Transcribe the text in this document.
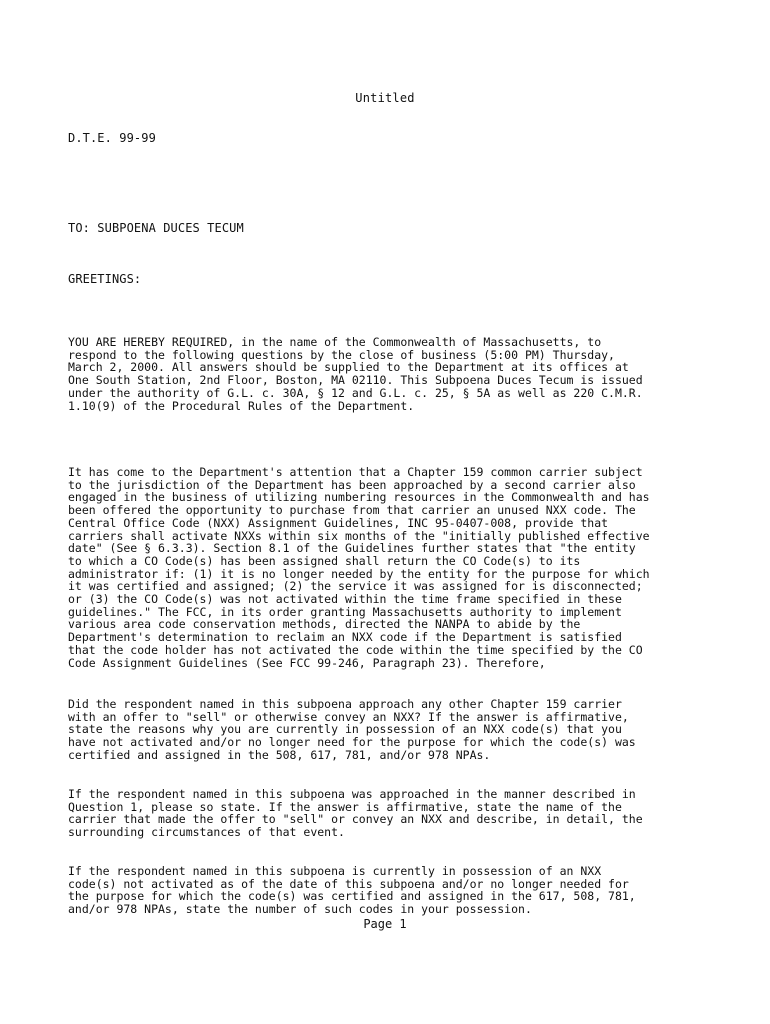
Untitled
D.T.E. 99-99
TO: SUBPOENA DUCES TECUM
GREETINGS:
YOU ARE HEREBY REQUIRED, in the name of the Commonwealth of Massachusetts, to
respond to the following questions by the close of business (5:00 PM) Thursday,
March 2, 2000. All answers should be supplied to the Department at its offices at
One South Station, 2nd Floor, Boston, MA 02110. This Subpoena Duces Tecum is issued
under the authority of G.L. c. 30A, § 12 and G.L. c. 25, § 5A as well as 220 C.M.R.
1.10(9) of the Procedural Rules of the Department.
It has come to the Department's attention that a Chapter 159 common carrier subject
to the jurisdiction of the Department has been approached by a second carrier also
engaged in the business of utilizing numbering resources in the Commonwealth and has
been offered the opportunity to purchase from that carrier an unused NXX code. The
Central Office Code (NXX) Assignment Guidelines, INC 95-0407-008, provide that
carriers shall activate NXXs within six months of the "initially published effective
date" (See § 6.3.3). Section 8.1 of the Guidelines further states that "the entity
to which a CO Code(s) has been assigned shall return the CO Code(s) to its
administrator if: (1) it is no longer needed by the entity for the purpose for which
it was certified and assigned; (2) the service it was assigned for is disconnected;
or (3) the CO Code(s) was not activated within the time frame specified in these
guidelines." The FCC, in its order granting Massachusetts authority to implement
various area code conservation methods, directed the NANPA to abide by the
Department's determination to reclaim an NXX code if the Department is satisfied
that the code holder has not activated the code within the time specified by the CO
Code Assignment Guidelines (See FCC 99-246, Paragraph 23). Therefore,
Did the respondent named in this subpoena approach any other Chapter 159 carrier
with an offer to "sell" or otherwise convey an NXX? If the answer is affirmative,
state the reasons why you are currently in possession of an NXX code(s) that you
have not activated and/or no longer need for the purpose for which the code(s) was
certified and assigned in the 508, 617, 781, and/or 978 NPAs.
If the respondent named in this subpoena was approached in the manner described in
Question 1, please so state. If the answer is affirmative, state the name of the
carrier that made the offer to "sell" or convey an NXX and describe, in detail, the
surrounding circumstances of that event.
If the respondent named in this subpoena is currently in possession of an NXX
code(s) not activated as of the date of this subpoena and/or no longer needed for
the purpose for which the code(s) was certified and assigned in the 617, 508, 781,
and/or 978 NPAs, state the number of such codes in your possession.
Page 1
